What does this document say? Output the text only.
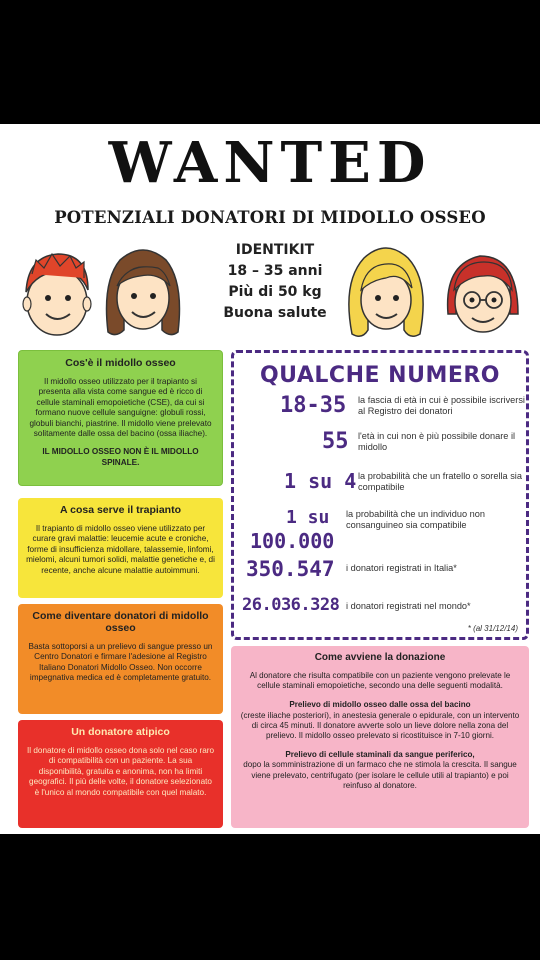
WANTED
POTENZIALI DONATORI DI MIDOLLO OSSEO
IDENTIKIT
18 – 35 anni
Più di 50 kg
Buona salute
Cos'è il midollo osseo
Il midollo osseo utilizzato per il trapianto si presenta alla vista come sangue ed è ricco di cellule staminali emopoietiche (CSE), da cui si formano nuove cellule sanguigne: globuli rossi, globuli bianchi, piastrine. Il midollo viene prelevato solitamente dalle ossa del bacino (ossa iliache).
IL MIDOLLO OSSEO NON È IL MIDOLLO SPINALE.
A cosa serve il trapianto
Il trapianto di midollo osseo viene utilizzato per curare gravi malattie: leucemie acute e croniche, forme di insufficienza midollare, talassemie, linfomi, mielomi, alcuni tumori solidi, malattie genetiche e, di recente, anche alcune malattie autoimmuni.
Come diventare donatori di midollo osseo
Basta sottoporsi a un prelievo di sangue presso un Centro Donatori e firmare l'adesione al Registro Italiano Donatori Midollo Osseo. Non occorre impegnativa medica ed è completamente gratuito.
Un donatore atipico
Il donatore di midollo osseo dona solo nel caso raro di compatibilità con un paziente. La sua disponibilità, gratuita e anonima, non ha limiti geografici. Il più delle volte, il donatore selezionato è l'unico al mondo compatibile con quel malato.
QUALCHE NUMERO
18-35 la fascia di età in cui è possibile iscriversi al Registro dei donatori
55 l'età in cui non è più possibile donare il midollo
1 su 4 la probabilità che un fratello o sorella sia compatibile
1 su
100.000
la probabilità che un individuo non consanguineo sia compatibile
350.547 i donatori registrati in Italia*
26.036.328 i donatori registrati nel mondo*
* (al 31/12/14)
Come avviene la donazione
Al donatore che risulta compatibile con un paziente vengono prelevate le cellule staminali emopoietiche, secondo una delle seguenti modalità.
Prelievo di midollo osseo dalle ossa del bacino
(creste iliache posteriori), in anestesia generale o epidurale, con un intervento di circa 45 minuti. Il donatore avverte solo un lieve dolore nella zona del prelievo. Il midollo osseo prelevato si ricostituisce in 7-10 giorni.
Prelievo di cellule staminali da sangue periferico,
dopo la somministrazione di un farmaco che ne stimola la crescita. Il sangue viene prelevato, centrifugato (per isolare le cellule utili al trapianto) e poi reinfuso al donatore.
